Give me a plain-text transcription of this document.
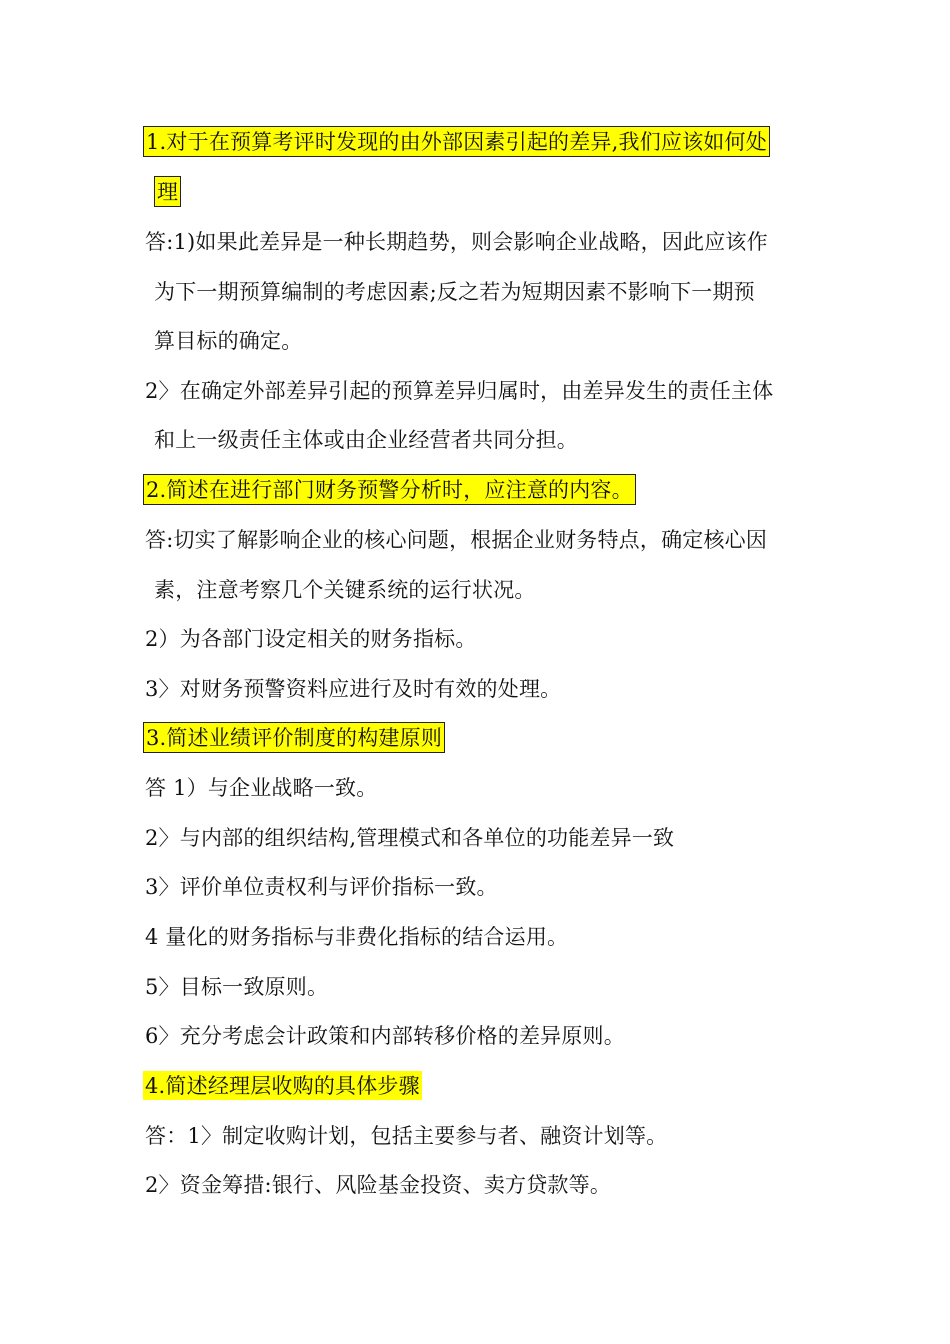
1.对于在预算考评时发现的由外部因素引起的差异,我们应该如何处
理
答:1)如果此差异是一种长期趋势，则会影响企业战略，因此应该作
为下一期预算编制的考虑因素;反之若为短期因素不影响下一期预
算目标的确定。
2〉在确定外部差异引起的预算差异归属时，由差异发生的责任主体
和上一级责任主体或由企业经营者共同分担。
2.简述在进行部门财务预警分析时，应注意的内容。
答:切实了解影响企业的核心问题，根据企业财务特点，确定核心因
素，注意考察几个关键系统的运行状况。
2）为各部门设定相关的财务指标。
3〉对财务预警资料应进行及时有效的处理。
3.简述业绩评价制度的构建原则
答 1）与企业战略一致。
2〉与内部的组织结构,管理模式和各单位的功能差异一致
3〉评价单位责权利与评价指标一致。
4 量化的财务指标与非费化指标的结合运用。
5〉目标一致原则。
6〉充分考虑会计政策和内部转移价格的差异原则。
4.简述经理层收购的具体步骤
答：1〉制定收购计划，包括主要参与者、融资计划等。
2〉资金筹措:银行、风险基金投资、卖方贷款等。
